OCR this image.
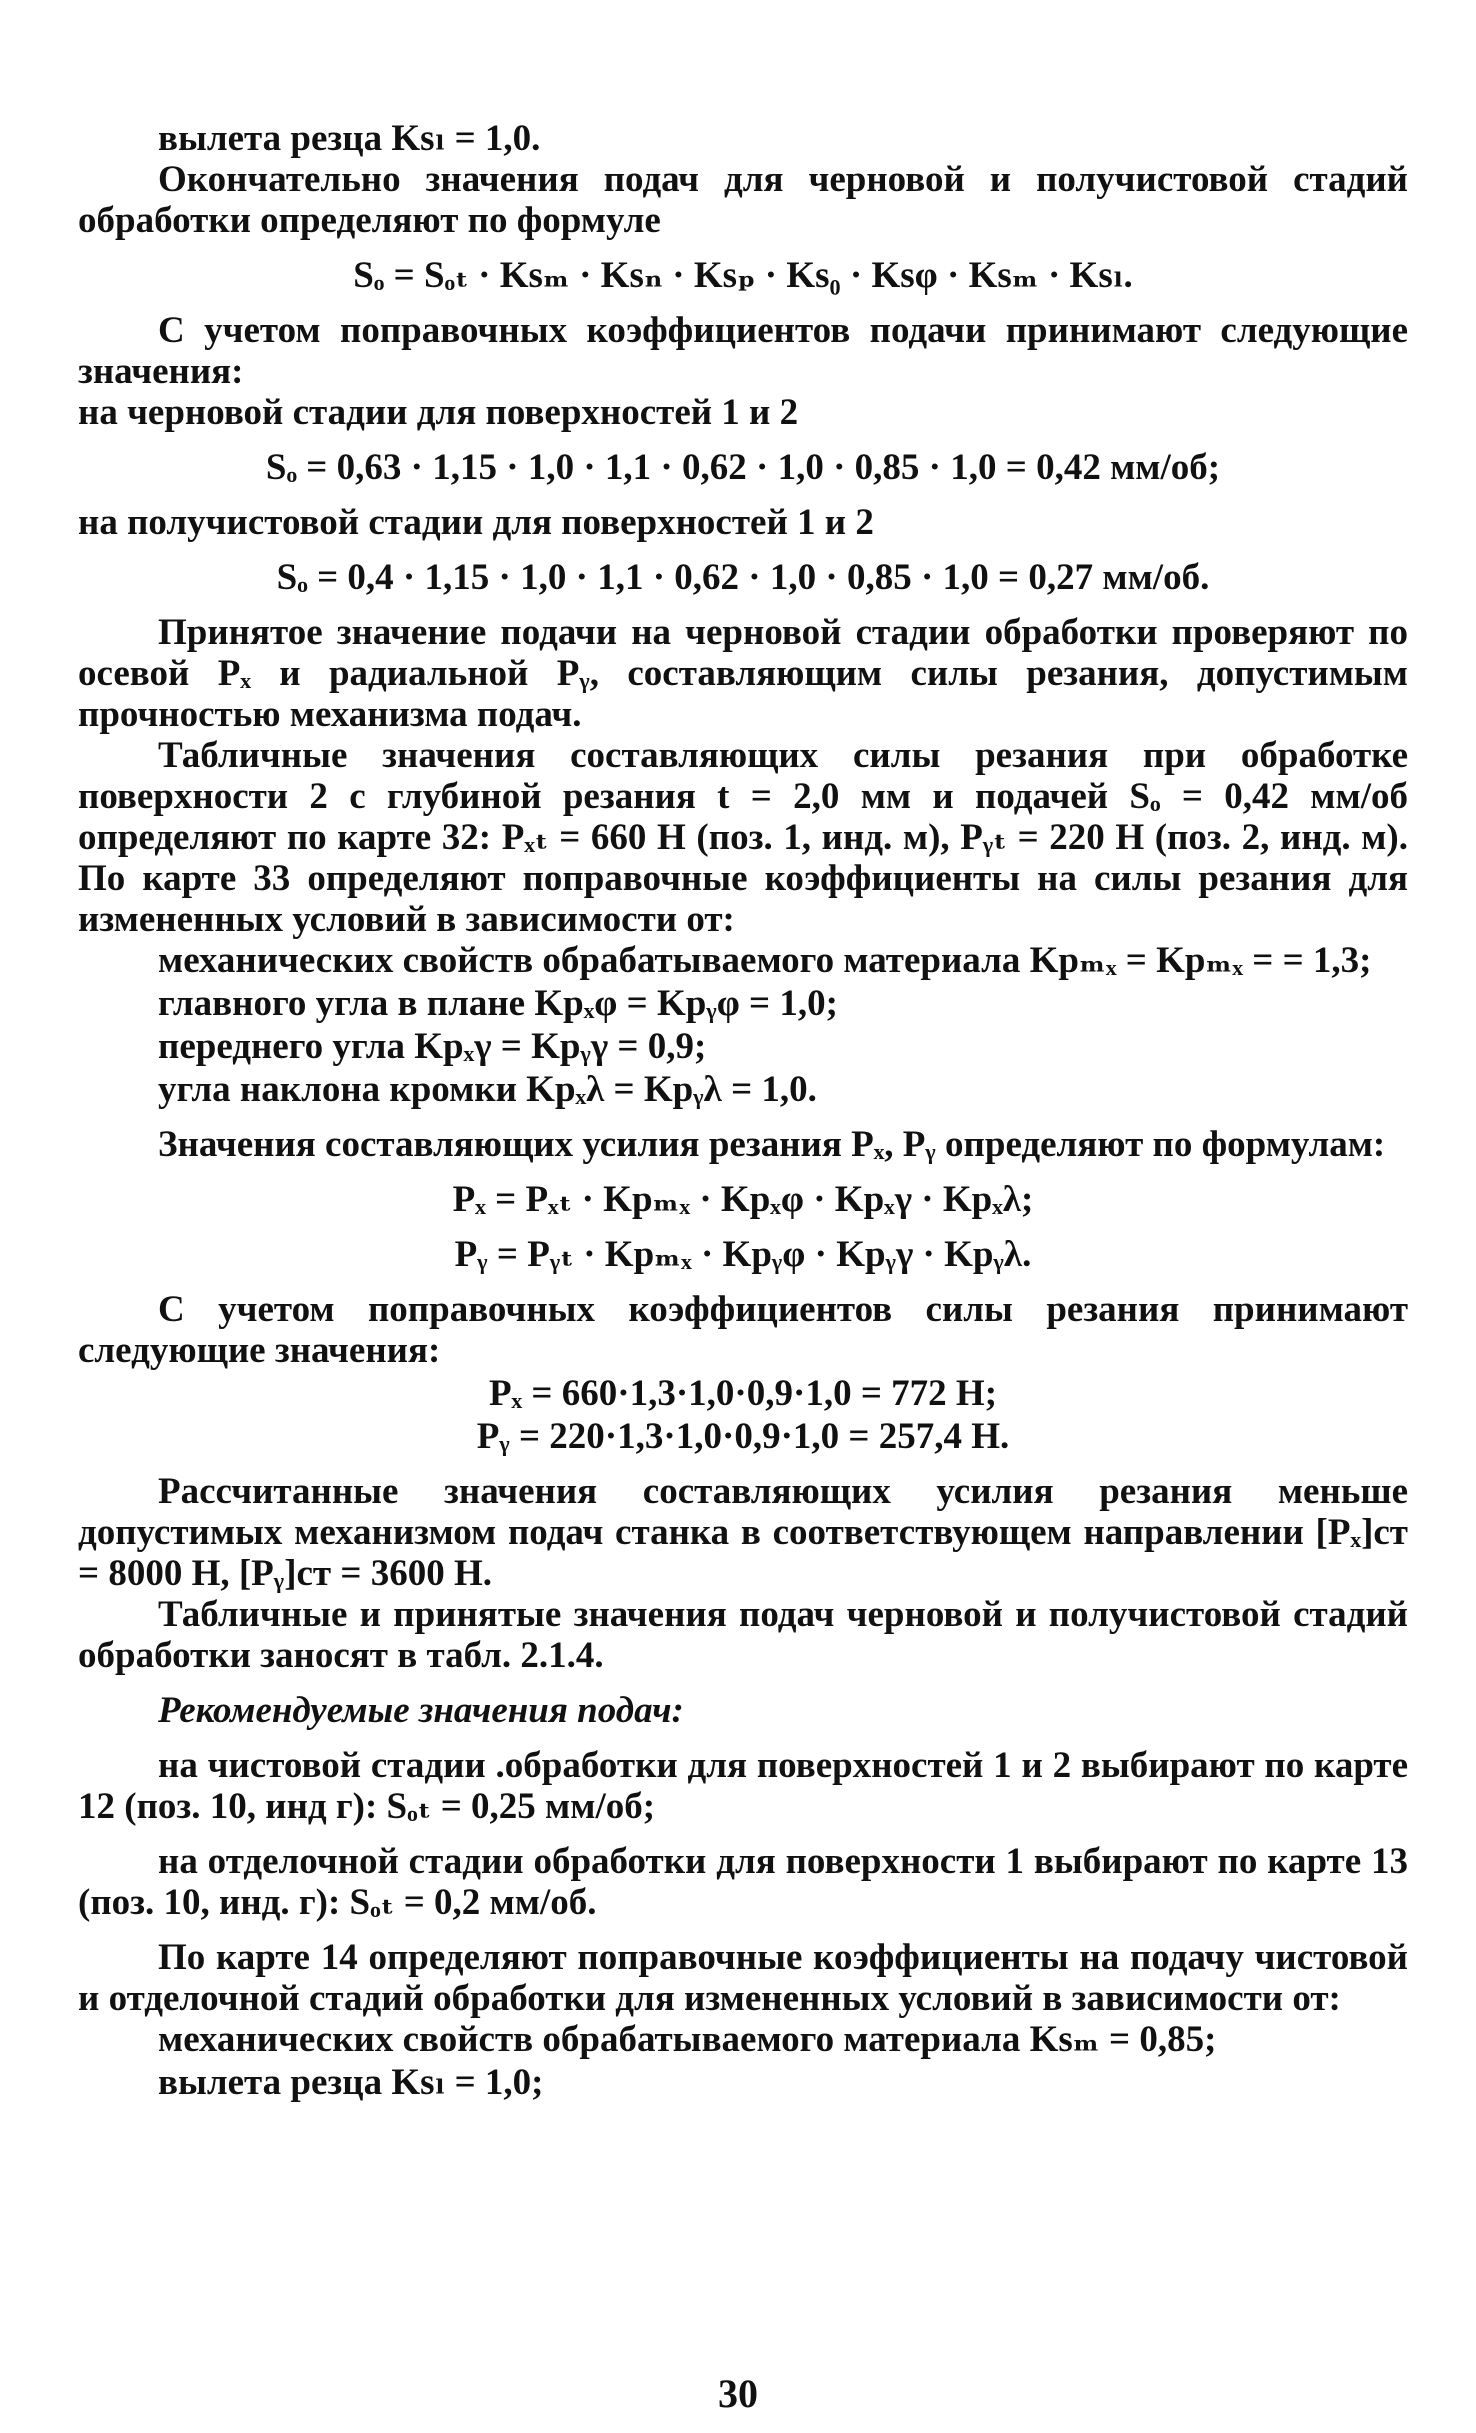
вылета резца Ksₗ = 1,0.

Окончательно значения подач для черновой и получистовой стадий обработки определяют по формуле

Sₒ = Sₒₜ · Ksₘ · Ksₙ · Ksₚ · Ks₀ · Ksφ · Ksₘ · Ksₗ.

С учетом поправочных коэффициентов подачи принимают следующие значения:

на черновой стадии для поверхностей 1 и 2

Sₒ = 0,63 · 1,15 · 1,0 · 1,1 · 0,62 · 1,0 · 0,85 · 1,0 = 0,42 мм/об;

на получистовой стадии для поверхностей 1 и 2

Sₒ = 0,4 · 1,15 · 1,0 · 1,1 · 0,62 · 1,0 · 0,85 · 1,0 = 0,27 мм/об.

Принятое значение подачи на черновой стадии обработки проверяют по осевой Pₓ и радиальной Pᵧ, составляющим силы резания, допустимым прочностью механизма подач.

Табличные значения составляющих силы резания при обработке поверхности 2 с глубиной резания t = 2,0 мм и подачей Sₒ = 0,42 мм/об определяют по карте 32: Pₓₜ = 660 Н (поз. 1, инд. м), Pᵧₜ = 220 Н (поз. 2, инд. м). По карте 33 определяют поправочные коэффициенты на силы резания для измененных условий в зависимости от:

механических свойств обрабатываемого материала Kpₘₓ = Kpₘₓ = = 1,3;

главного угла в плане Kpₓφ = Kpᵧφ = 1,0;

переднего угла Kpₓγ = Kpᵧγ = 0,9;

угла наклона кромки Kpₓλ = Kpᵧλ = 1,0.

Значения составляющих усилия резания Pₓ, Pᵧ определяют по формулам:

Pₓ = Pₓₜ · Kpₘₓ · Kpₓφ · Kpₓγ · Kpₓλ;

Pᵧ = Pᵧₜ · Kpₘₓ · Kpᵧφ · Kpᵧγ · Kpᵧλ.

С учетом поправочных коэффициентов силы резания принимают следующие значения:

Pₓ = 660·1,3·1,0·0,9·1,0 = 772 Н;

Pᵧ = 220·1,3·1,0·0,9·1,0 = 257,4 Н.

Рассчитанные значения составляющих усилия резания меньше допустимых механизмом подач станка в соответствующем направлении [Pₓ]ст = 8000 Н, [Pᵧ]ст = 3600 Н.

Табличные и принятые значения подач черновой и получистовой стадий обработки заносят в табл. 2.1.4.

Рекомендуемые значения подач:

на чистовой стадии .обработки для поверхностей 1 и 2 выбирают по карте 12 (поз. 10, инд г): Sₒₜ = 0,25 мм/об;

на отделочной стадии обработки для поверхности 1 выбирают по карте 13 (поз. 10, инд. г): Sₒₜ = 0,2 мм/об.

По карте 14 определяют поправочные коэффициенты на подачу чистовой и отделочной стадий обработки для измененных условий в зависимости от:

механических свойств обрабатываемого материала Ksₘ = 0,85;

вылета резца Ksₗ = 1,0;

30
